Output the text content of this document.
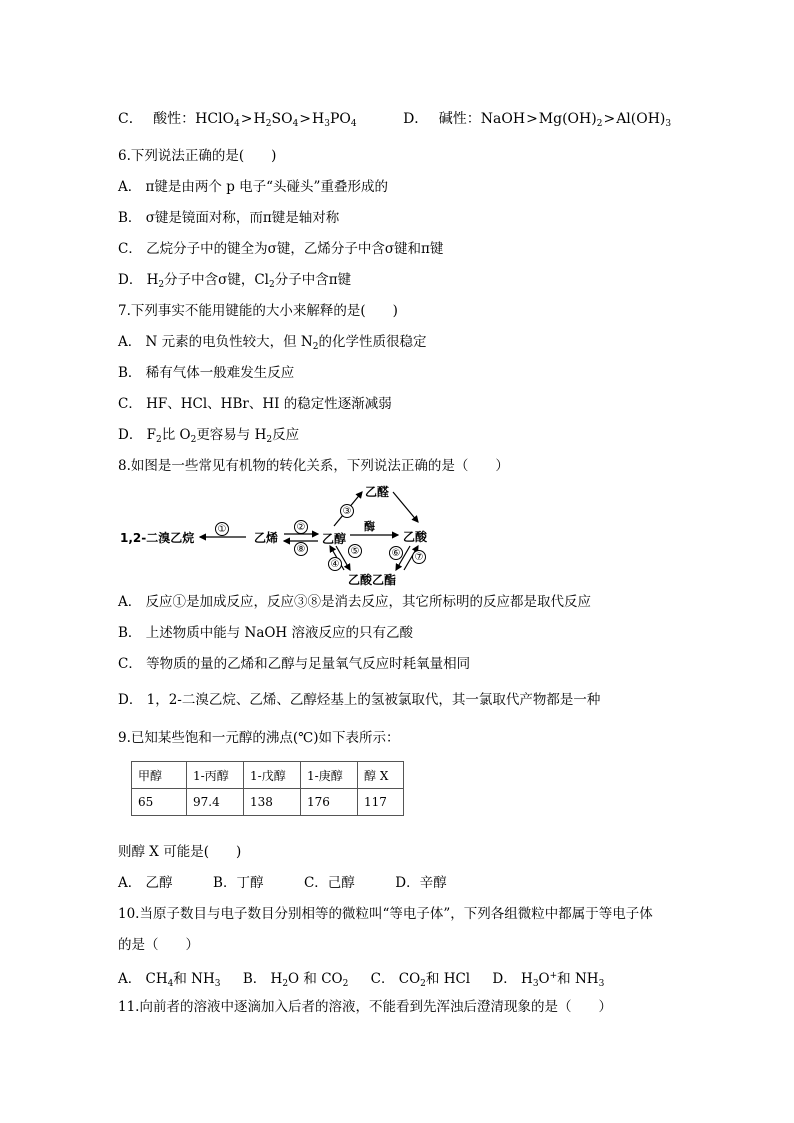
C． 酸性：$HClO_4>H_2SO_4>H_3PO_4$	D． 碱性：$NaOH>Mg(OH)_2>Al(OH)_3$
6.下列说法正确的是(　　)
A． π键是由两个 p 电子“头碰头”重叠形成的
B． σ键是镜面对称，而π键是轴对称
C． 乙烷分子中的键全为σ键，乙烯分子中含σ键和π键
D． $H_2$分子中含σ键，$Cl_2$分子中含π键
7.下列事实不能用键能的大小来解释的是(　　)
A． N 元素的电负性较大，但 $N_2$的化学性质很稳定
B． 稀有气体一般难发生反应
C． HF、HCl、HBr、HI 的稳定性逐渐减弱
D． $F_2$比 $O_2$更容易与 $H_2$反应
8.如图是一些常见有机物的转化关系，下列说法正确的是（　　）
1,2-二溴乙烷	乙烯	乙醇
乙醛
乙酸
乙酸乙酯
酶
①	②
⑧
③
⑤
④
⑥ ⑦
A． 反应①是加成反应，反应③⑧是消去反应，其它所标明的反应都是取代反应
B． 上述物质中能与 NaOH 溶液反应的只有乙酸
C． 等物质的量的乙烯和乙醇与足量氧气反应时耗氧量相同
D． 1，2-二溴乙烷、乙烯、乙醇烃基上的氢被氯取代，其一氯取代产物都是一种
9.已知某些饱和一元醇的沸点(℃)如下表所示：
甲醇	1-丙醇	1-戊醇	1-庚醇	醇 X
65	97.4	138	176	117
则醇 X 可能是(　　)
A． 乙醇　　　B．丁醇　　　C．己醇　　　D．辛醇
10.当原子数目与电子数目分别相等的微粒叫“等电子体”，下列各组微粒中都属于等电子体
的是（　　）
A． $CH_4$和 $NH_3$ B． $H_2O$ 和 $CO_2$ C． $CO_2$和 HCl D． $H_3O^+$和 $NH_3$
11.向前者的溶液中逐滴加入后者的溶液，不能看到先浑浊后澄清现象的是（　　）
